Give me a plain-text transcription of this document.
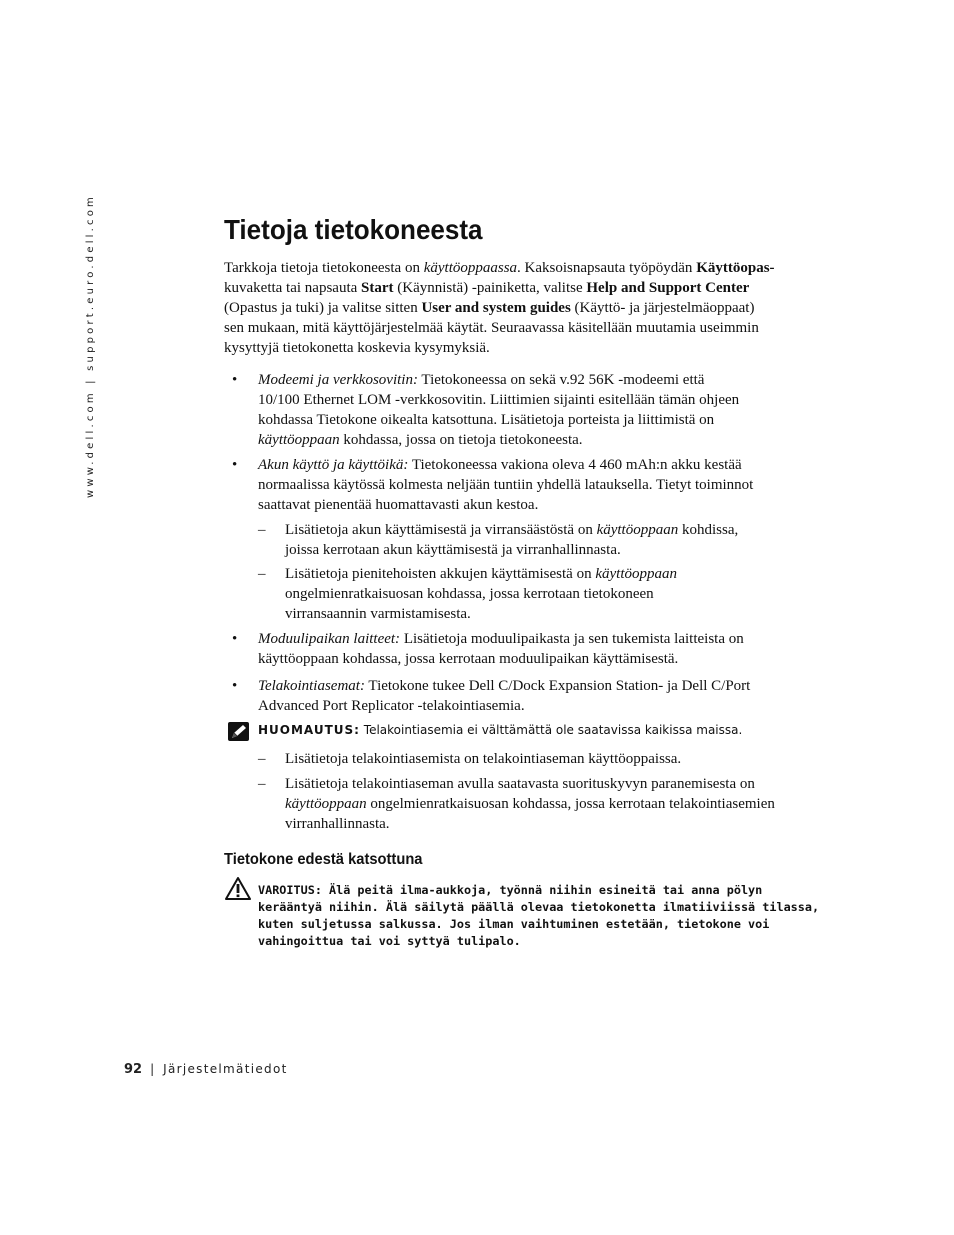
www.dell.com | support.euro.dell.com	Tietoja tietokoneesta

Tarkkoja tietoja tietokoneesta on käyttöoppaassa. Kaksoisnapsauta työpöydän Käyttöopas-
kuvaketta tai napsauta Start (Käynnistä) -painiketta, valitse Help and Support Center
(Opastus ja tuki) ja valitse sitten User and system guides (Käyttö- ja järjestelmäoppaat)
sen mukaan, mitä käyttöjärjestelmää käytät. Seuraavassa käsitellään muutamia useimmin
kysyttyjä tietokonetta koskevia kysymyksiä.

• Modeemi ja verkkosovitin: Tietokoneessa on sekä v.92 56K -modeemi että
10/100 Ethernet LOM -verkkosovitin. Liittimien sijainti esitellään tämän ohjeen
kohdassa Tietokone oikealta katsottuna. Lisätietoja porteista ja liittimistä on
käyttöoppaan kohdassa, jossa on tietoja tietokoneesta.
• Akun käyttö ja käyttöikä: Tietokoneessa vakiona oleva 4 460 mAh:n akku kestää
normaalissa käytössä kolmesta neljään tuntiin yhdellä latauksella. Tietyt toiminnot
saattavat pienentää huomattavasti akun kestoa.
– Lisätietoja akun käyttämisestä ja virransäästöstä on käyttöoppaan kohdissa,
joissa kerrotaan akun käyttämisestä ja virranhallinnasta.
– Lisätietoja pienitehoisten akkujen käyttämisestä on käyttöoppaan
ongelmienratkaisuosan kohdassa, jossa kerrotaan tietokoneen
virransaannin varmistamisesta.
• Moduulipaikan laitteet: Lisätietoja moduulipaikasta ja sen tukemista laitteista on
käyttöoppaan kohdassa, jossa kerrotaan moduulipaikan käyttämisestä.
• Telakointiasemat: Tietokone tukee Dell C/Dock Expansion Station- ja Dell C/Port
Advanced Port Replicator -telakointiasemia.
HUOMAUTUS: Telakointiasemia ei välttämättä ole saatavissa kaikissa maissa.
– Lisätietoja telakointiasemista on telakointiaseman käyttöoppaissa.
– Lisätietoja telakointiaseman avulla saatavasta suorituskyvyn paranemisesta on
käyttöoppaan ongelmienratkaisuosan kohdassa, jossa kerrotaan telakointiasemien
virranhallinnasta.
Tietokone edestä katsottuna
VAROITUS: Älä peitä ilma-aukkoja, työnnä niihin esineitä tai anna pölyn
kerääntyä niihin. Älä säilytä päällä olevaa tietokonetta ilmatiiviissä tilassa,
kuten suljetussa salkussa. Jos ilman vaihtuminen estetään, tietokone voi
vahingoittua tai voi syttyä tulipalo.
92 | Järjestelmätiedot
